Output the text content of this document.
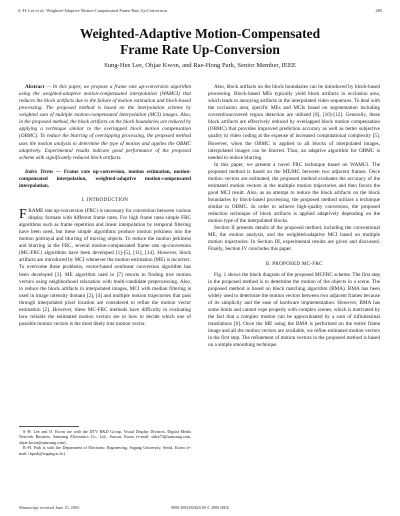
S.-H. Lee et al.: Weighted-Adaptive Motion-Compensated Frame Rate Up-Conversion	485
Weighted-Adaptive Motion-Compensated
Frame Rate Up-Conversion
Sung-Hee Lee, Ohjae Kwon, and Rae-Hong Park, Senior Member, IEEE

Abstract — In this paper, we propose a frame rate up-conversion algorithm using the weighted-adaptive motion-compensated interpolation (WAMCI) that reduces the block artifacts due to the failure of motion estimation and block-based processing. The proposed method is based on the interpolation scheme by weighted sum of multiple motion-compensated interpolation (MCI) images. Also, in the proposed method, the block artifacts on the block boundaries are reduced by applying a technique similar to the overlapped block motion compensation (OBMC). To reduce the blurring of overlapping processing, the proposed method uses the motion analysis to determine the type of motion and applies the OBMC adaptively. Experimental results indicate good performance of the proposed scheme with significantly reduced block artifacts.

Index Terms — Frame rate up-conversion, motion estimation, motion-compensated interpolation, weighted-adaptive motion-compensated interpolation.

I. INTRODUCTION

FRAME rate up-conversion (FRC) is necessary for conversion between various display formats with different frame rates. For high frame rates simple FRC algorithms such as frame repetition and linear interpolation by temporal filtering have been used, but these simple algorithms produce motion jerkiness into the motion portrayal and blurring of moving objects. To reduce the motion jerkiness and blurring in the FRC, several motion-compensated frame rate up-conversion (MC-FRC) algorithms have been developed [1]-[5], [11], [14]. However, block artifacts are introduced by MCI whenever the motion estimation (ME) is incorrect. To overcome these problems, vector-based nonlinear conversion algorithm has been developed [3]. ME algorithm used in [7] resorts to finding true motion vectors using neighborhood relaxation with multi-candidate preprocessing. Also, to reduce the block artifacts in interpolated images, MCI with median filtering is used in image intensity domain [2], [4] and multiple motion trajectories that pass through interpolated pixel location are considered to refine the motion vector estimation [2]. However, these MC-FRC methods have difficulty in evaluating how reliable the estimated motion vectors are or how to decide which one of possible motion vectors is the most likely true motion vector.

S.-H. Lee and O. Kwon are with the DTV R&D Group, Visual Display Division, Digital Media Network Business, Samsung Electronics Co., Ltd., Suwon, Korea (e-mail: shlee74@samsung.com, ohjae.kwon@samsung.com).

R.-H. Park is with the Department of Electronic Engineering, Sogang University, Seoul, Korea (e-mail: rhpark@sogang.ac.kr).

Manuscript received June 15, 2005	0098 3063/06/$20.00 © 2006 IEEE

Also, block artifacts on the block boundaries can be introduced by block-based processing. Block-based MEs typically yield block artifacts in occlusion area, which leads to annoying artifacts in the interpolated video sequences. To deal with the occlusion area, specific MEs and MCIs based on segmentation including covered/uncovered region detection are utilized [8], [10]-[12]. Generally, these block artifacts are effectively reduced by overlapped block motion compensation (OBMC) that provides improved prediction accuracy as well as better subjective quality in video coding at the expense of increased computational complexity [5]. However, when the OBMC is applied to all blocks of interpolated images, interpolated images can be blurred. Thus, an adaptive algorithm for OBMC is needed to reduce blurring.

In this paper, we present a novel FRC technique based on WAMCI. The proposed method is based on the ME/MC between two adjacent frames. Once motion vectors are estimated, the proposed method evaluates the accuracy of the estimated motion vectors in the multiple motion trajectories and then favors the good MCI result. Also, as an attempt to reduce the block artifacts on the block boundaries by block-based processing, the proposed method utilizes a technique similar to OBMC. In order to achieve high-quality conversion, the proposed reduction technique of block artifacts is applied adaptively depending on the motion type of the interpolated blocks.

Section II presents details of the proposed method, including the conventional ME, the motion analysis, and the weighted-adaptive MCI based on multiple motion trajectories. In Section III, experimental results are given and discussed. Finally, Section IV concludes this paper.

II. PROPOSED MC-FRC

Fig. 1 shows the block diagram of the proposed MCFRC scheme. The first step in the proposed method is to determine the motion of the objects in a scene. The proposed method is based on block matching algorithm (BMA). BMA has been widely used to determine the motion vectors between two adjacent frames because of its simplicity and the ease of hardware implementation. However, BMA has some limits and cannot cope properly with complex scenes, which is motivated by the fact that a complex motion can be approximated by a sum of infinitesimal translations [6]. Once the ME using the BMA is performed on the entire frame image and all the motion vectors are available, we refine estimated motion vectors in the first step. The refinement of motion vectors in the proposed method is based on a simple smoothing technique
